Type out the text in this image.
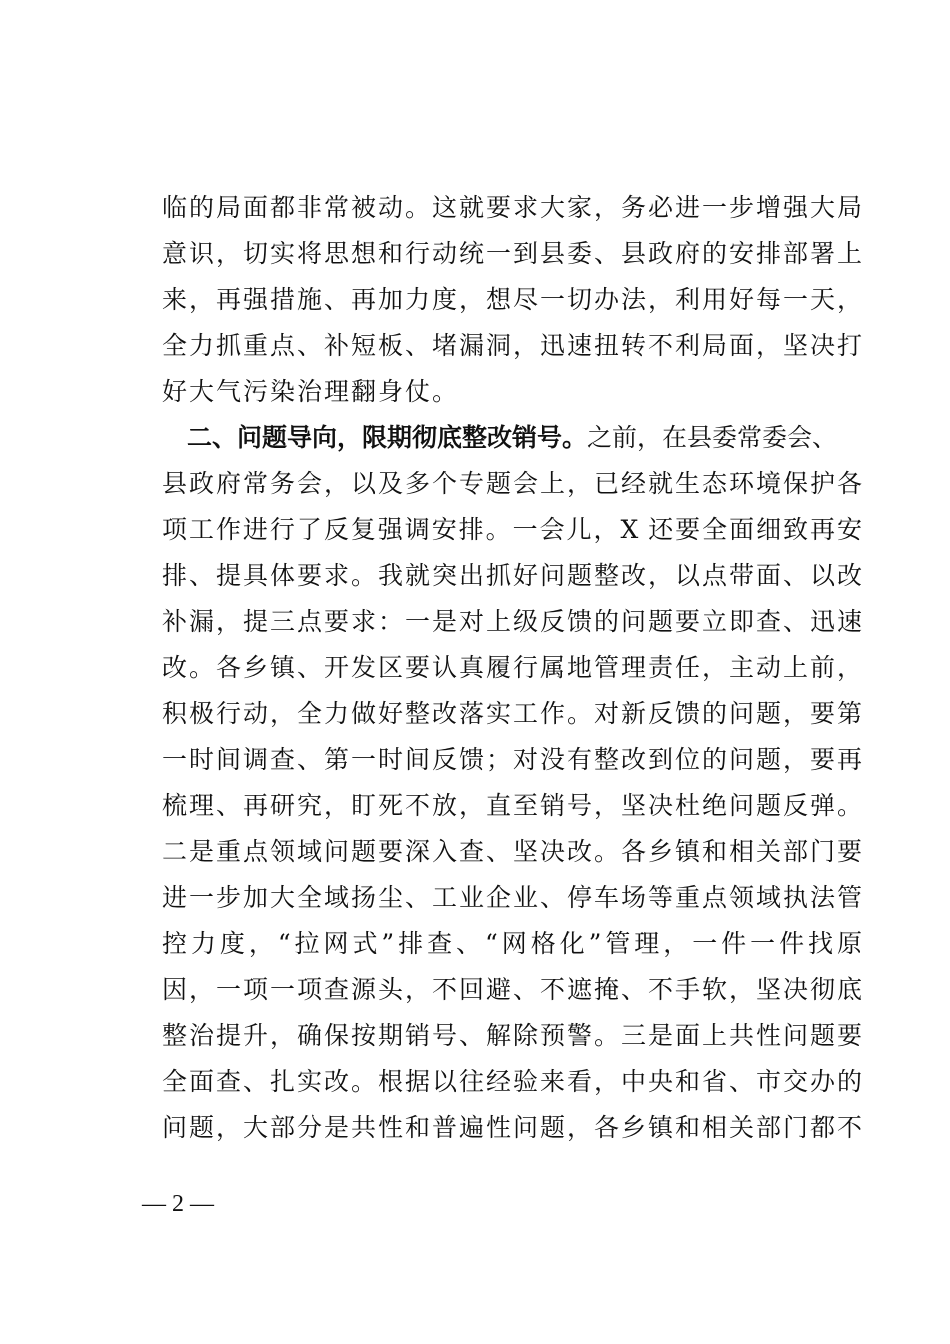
临的局面都非常被动。这就要求大家，务必进一步增强大局
意识，切实将思想和行动统一到县委、县政府的安排部署上
来，再强措施、再加力度，想尽一切办法，利用好每一天，
全力抓重点、补短板、堵漏洞，迅速扭转不利局面，坚决打
好大气污染治理翻身仗。
二、问题导向，限期彻底整改销号。之前，在县委常委会、
县政府常务会，以及多个专题会上，已经就生态环境保护各
项工作进行了反复强调安排。一会儿，X 还要全面细致再安
排、提具体要求。我就突出抓好问题整改，以点带面、以改
补漏，提三点要求：一是对上级反馈的问题要立即查、迅速
改。各乡镇、开发区要认真履行属地管理责任，主动上前，
积极行动，全力做好整改落实工作。对新反馈的问题，要第
一时间调查、第一时间反馈；对没有整改到位的问题，要再
梳理、再研究，盯死不放，直至销号，坚决杜绝问题反弹。
二是重点领域问题要深入查、坚决改。各乡镇和相关部门要
进一步加大全域扬尘、工业企业、停车场等重点领域执法管
控力度，“拉网式”排查、“网格化”管理，一件一件找原
因，一项一项查源头，不回避、不遮掩、不手软，坚决彻底
整治提升，确保按期销号、解除预警。三是面上共性问题要
全面查、扎实改。根据以往经验来看，中央和省、市交办的
问题，大部分是共性和普遍性问题，各乡镇和相关部门都不
— 2 —
